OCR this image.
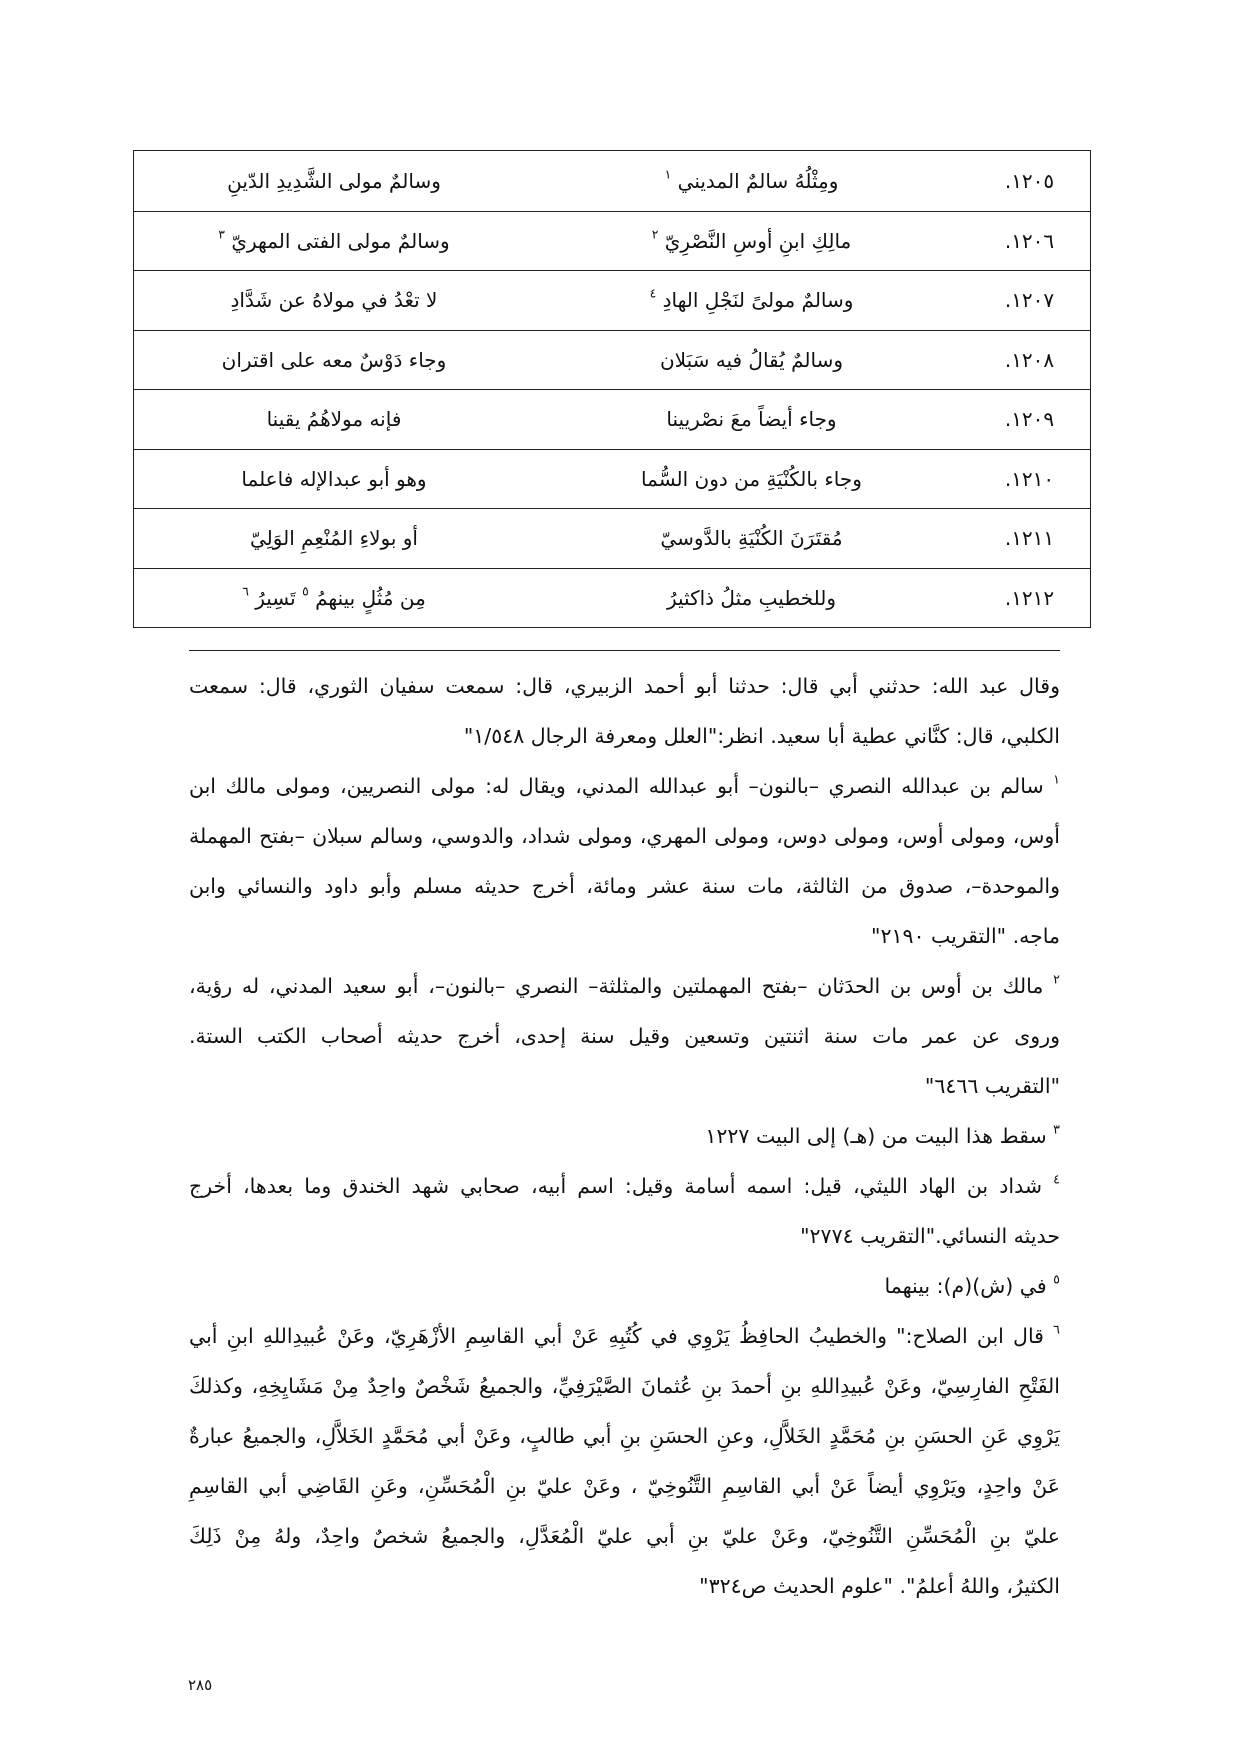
١٢٠٥.
ومِثْلُهُ سالمٌ المديني $^١$
وسالمٌ مولى الشَّدِيدِ الدّينِ
١٢٠٦.
مالِكِ ابنِ أوسِ النَّصْرِيّ $^٢$
وسالمٌ مولى الفتى المهريّ $^٣$
١٢٠٧.
وسالمٌ مولىً لنَجْلِ الهادِ $^٤$
لا تعْدُ في مولاهُ عن شَدَّادِ
١٢٠٨.
وسالمٌ يُقالُ فيه سَبَلان
وجاء دَوْسٌ معه على اقتران
١٢٠٩.
وجاء أيضاً معَ نصْريينا
فإنه مولاهُمُ يقينا
١٢١٠.
وجاء بالكُنْيَةِ من دون السُّما
وهو أبو عبدالإله فاعلما
١٢١١.
مُقتَرَنَ الكُنْيَةِ بالدَّوسيّ
أو بولاءِ المُنْعِمِ الوَلِيّ
١٢١٢.
وللخطيبِ مثلُ ذاكثيرُ
مِن مُثُلٍ بينهمُ $^٥$ تَسِيرُ $^٦$
وقال عبد الله: حدثني أبي قال: حدثنا أبو أحمد الزبيري، قال: سمعت سفيان الثوري، قال: سمعت
الكلبي، قال: كنَّاني عطية أبا سعيد. انظر:"العلل ومعرفة الرجال ١/٥٤٨"
$^١$ سالم بن عبدالله النصري –بالنون– أبو عبدالله المدني، ويقال له: مولى النصريين، ومولى مالك ابن
أوس، ومولى أوس، ومولى دوس، ومولى المهري، ومولى شداد، والدوسي، وسالم سبلان –بفتح المهملة
والموحدة–، صدوق من الثالثة، مات سنة عشر ومائة، أخرج حديثه مسلم وأبو داود والنسائي وابن
ماجه. "التقريب ٢١٩٠"
$^٢$ مالك بن أوس بن الحدَثان –بفتح المهملتين والمثلثة– النصري –بالنون–، أبو سعيد المدني، له رؤية،
وروى عن عمر مات سنة اثنتين وتسعين وقيل سنة إحدى، أخرج حديثه أصحاب الكتب الستة.
"التقريب ٦٤٦٦"
$^٣$ سقط هذا البيت من (هـ) إلى البيت ١٢٢٧
$^٤$ شداد بن الهاد الليثي، قيل: اسمه أسامة وقيل: اسم أبيه، صحابي شهد الخندق وما بعدها، أخرج
حديثه النسائي."التقريب ٢٧٧٤"
$^٥$ في (ش)(م): بينهما
$^٦$ قال ابن الصلاح:" والخطيبُ الحافِظُ يَرْوِي في كُتُبِهِ عَنْ أبي القاسِمِ الأزْهَرِيّ، وعَنْ عُبيدِاللهِ ابنِ أبي
الفَتْحِ الفارِسِيّ، وعَنْ عُبيدِاللهِ بنِ أحمدَ بنِ عُثمانَ الصَّيْرَفِيِّ، والجميعُ شَخْصٌ واحِدٌ مِنْ مَشَايِخِهِ، وكذلكَ
يَرْوِي عَنِ الحسَنِ بنِ مُحَمَّدٍ الخَلاَّلِ، وعنِ الحسَنِ بنِ أبي طالبٍ، وعَنْ أبي مُحَمَّدٍ الخَلاَّلِ، والجميعُ عبارةٌ
عَنْ واحِدٍ، ويَرْوِي أيضاً عَنْ أبي القاسِمِ التَّنُوخِيّ ، وعَنْ عليّ بنِ الْمُحَسِّنِ، وعَنِ القَاضِي أبي القاسِمِ
عليّ بنِ الْمُحَسِّنِ التَّنُوخِيّ، وعَنْ عليّ بنِ أبي عليّ الْمُعَدَّلِ، والجميعُ شخصٌ واحِدٌ، ولهُ مِنْ ذَلِكَ
الكثيرُ، واللهُ أعلمُ". "علوم الحديث ص٣٢٤"
٢٨٥
